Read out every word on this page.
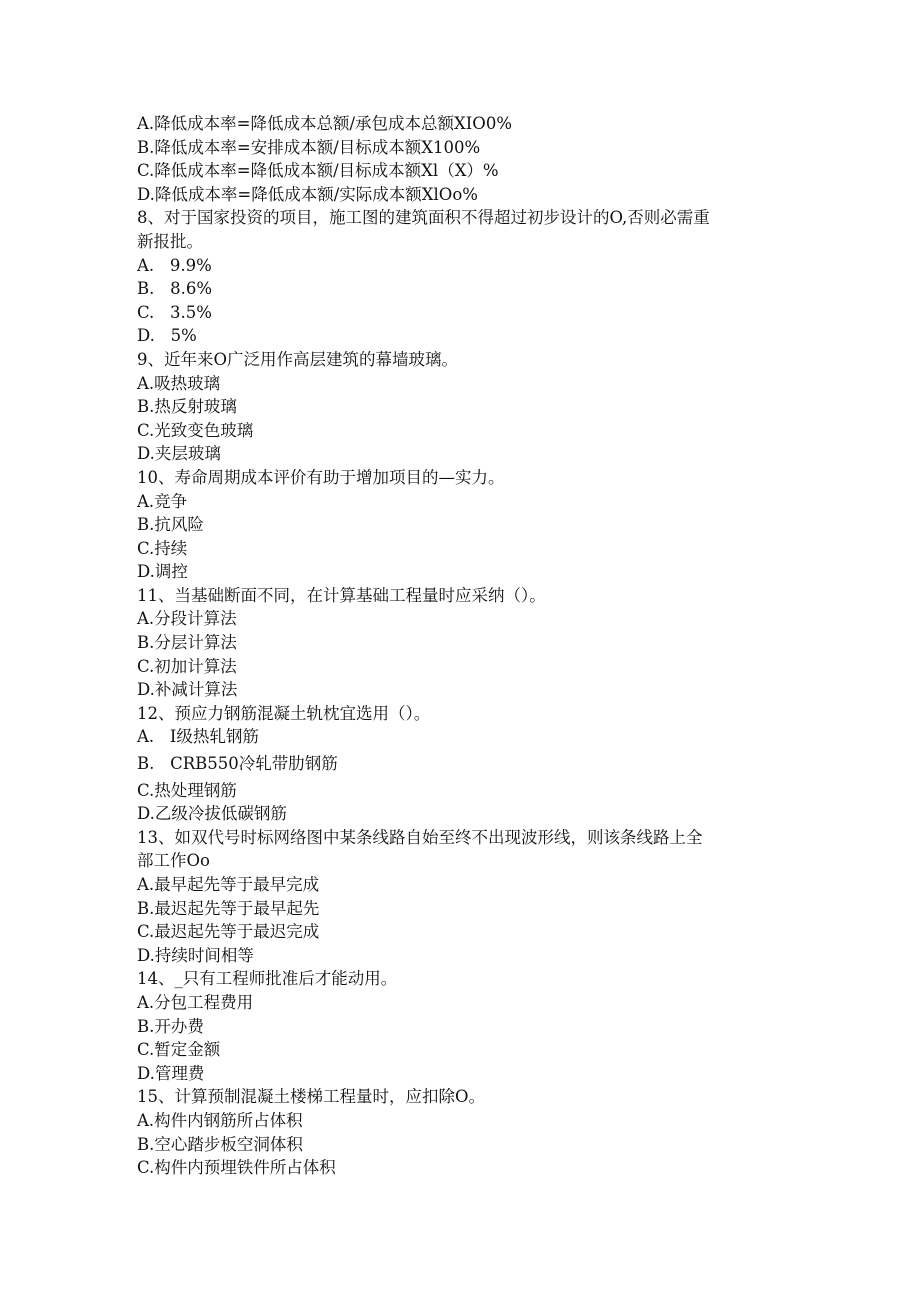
A.降低成本率=降低成本总额/承包成本总额XIO0%
B.降低成本率=安排成本额/目标成本额X100%
C.降低成本率=降低成本额/目标成本额Xl（X）%
D.降低成本率=降低成本额/实际成本额XlOo%
8、对于国家投资的项目，施工图的建筑面积不得超过初步设计的O,否则必需重
新报批。
A.   9.9%
B.   8.6%
C.   3.5%
D.   5%
9、近年来O广泛用作高层建筑的幕墙玻璃。
A.吸热玻璃
B.热反射玻璃
C.光致变色玻璃
D.夹层玻璃
10、寿命周期成本评价有助于增加项目的—实力。
A.竞争
B.抗风险
C.持续
D.调控
11、当基础断面不同，在计算基础工程量时应采纳（）。
A.分段计算法
B.分层计算法
C.初加计算法
D.补减计算法
12、预应力钢筋混凝土轨枕宜选用（）。
A.   I级热轧钢筋
B.   CRB550冷轧带肋钢筋
C.热处理钢筋
D.乙级冷拔低碳钢筋
13、如双代号时标网络图中某条线路自始至终不出现波形线，则该条线路上全
部工作Oo
A.最早起先等于最早完成
B.最迟起先等于最早起先
C.最迟起先等于最迟完成
D.持续时间相等
14、_只有工程师批准后才能动用。
A.分包工程费用
B.开办费
C.暂定金额
D.管理费
15、计算预制混凝土楼梯工程量时，应扣除O。
A.构件内钢筋所占体积
B.空心踏步板空洞体积
C.构件内预埋铁件所占体积
